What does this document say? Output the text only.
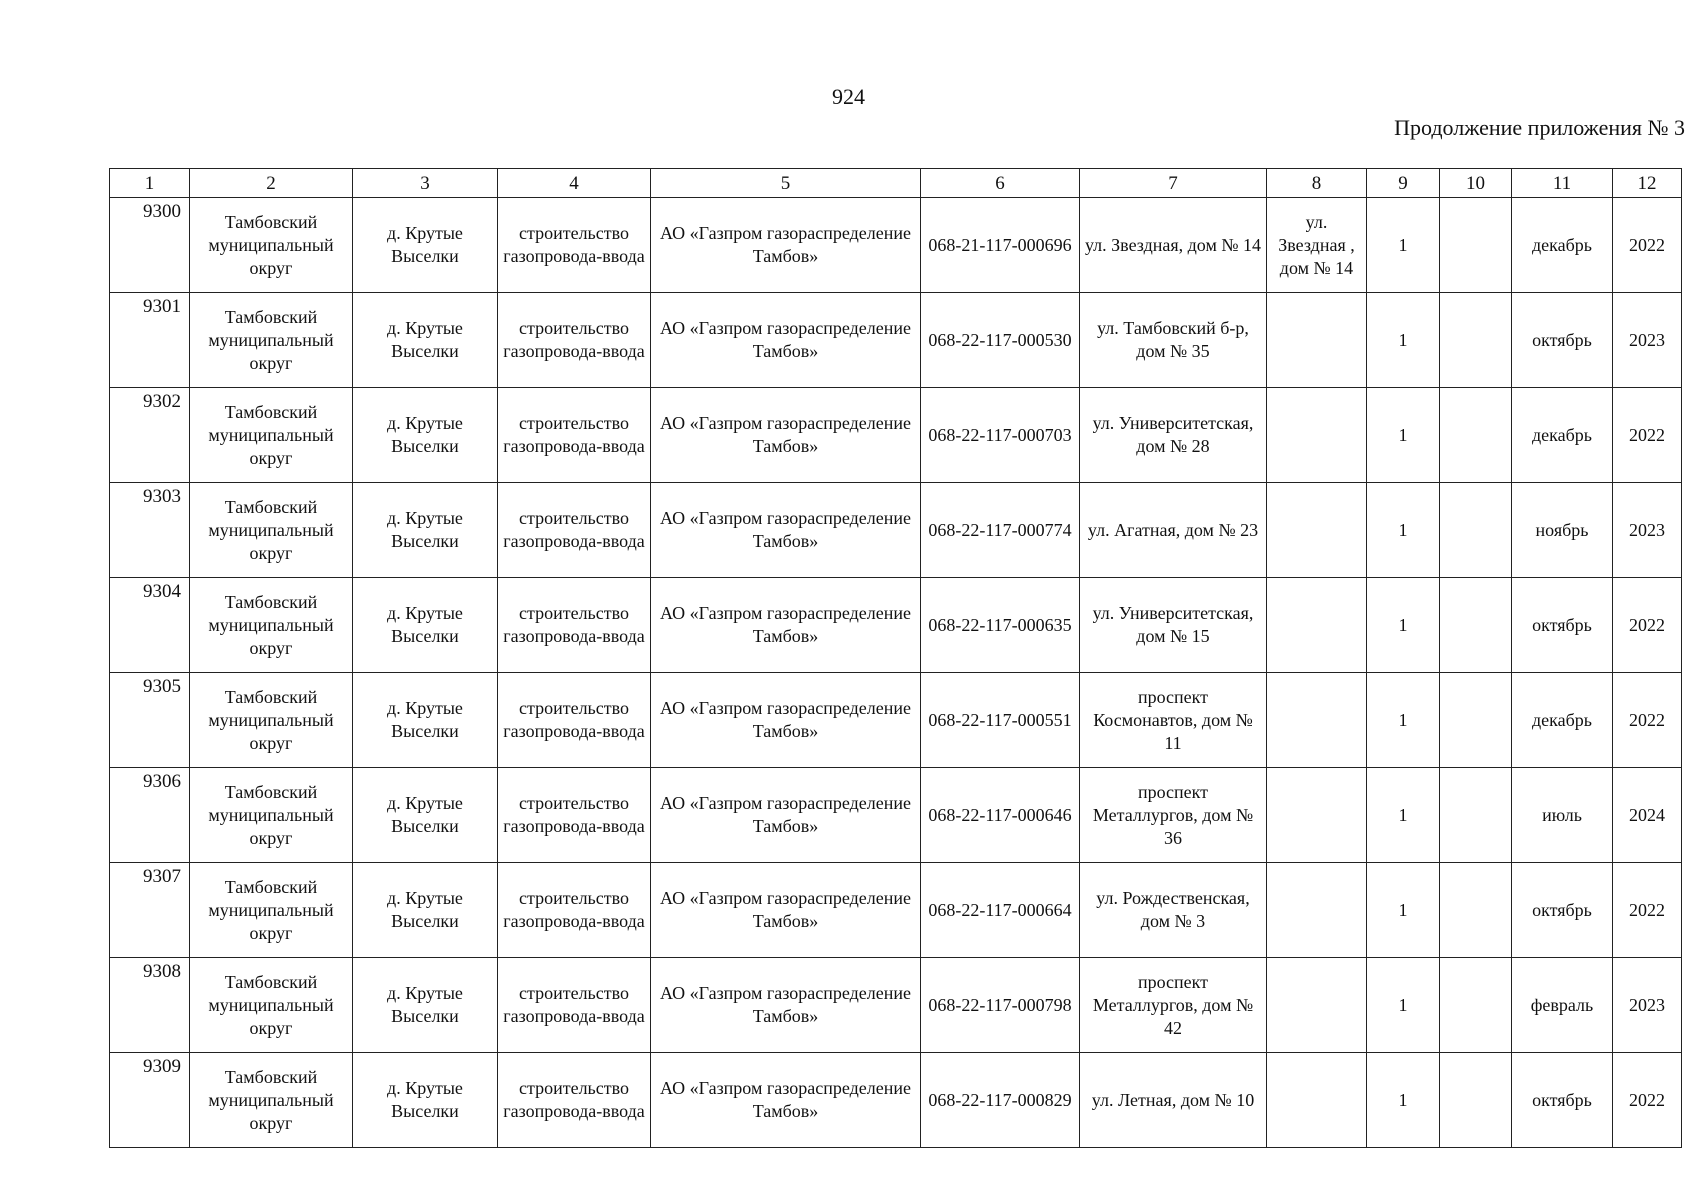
924
Продолжение приложения № 3
1	2	3	4	5	6	7	8	9	10	11	12
9300	Тамбовский муниципальный округ	д. Крутые Выселки	строительство газопровода-ввода	АО «Газпром газораспределение Тамбов»	068-21-117-000696	ул. Звездная, дом № 14	ул. Звездная , дом № 14	1		декабрь	2022
9301	Тамбовский муниципальный округ	д. Крутые Выселки	строительство газопровода-ввода	АО «Газпром газораспределение Тамбов»	068-22-117-000530	ул. Тамбовский б-р, дом № 35		1		октябрь	2023
9302	Тамбовский муниципальный округ	д. Крутые Выселки	строительство газопровода-ввода	АО «Газпром газораспределение Тамбов»	068-22-117-000703	ул. Университетская, дом № 28		1		декабрь	2022
9303	Тамбовский муниципальный округ	д. Крутые Выселки	строительство газопровода-ввода	АО «Газпром газораспределение Тамбов»	068-22-117-000774	ул. Агатная, дом № 23		1		ноябрь	2023
9304	Тамбовский муниципальный округ	д. Крутые Выселки	строительство газопровода-ввода	АО «Газпром газораспределение Тамбов»	068-22-117-000635	ул. Университетская, дом № 15		1		октябрь	2022
9305	Тамбовский муниципальный округ	д. Крутые Выселки	строительство газопровода-ввода	АО «Газпром газораспределение Тамбов»	068-22-117-000551	проспект Космонавтов, дом № 11		1		декабрь	2022
9306	Тамбовский муниципальный округ	д. Крутые Выселки	строительство газопровода-ввода	АО «Газпром газораспределение Тамбов»	068-22-117-000646	проспект Металлургов, дом № 36		1		июль	2024
9307	Тамбовский муниципальный округ	д. Крутые Выселки	строительство газопровода-ввода	АО «Газпром газораспределение Тамбов»	068-22-117-000664	ул. Рождественская, дом № 3		1		октябрь	2022
9308	Тамбовский муниципальный округ	д. Крутые Выселки	строительство газопровода-ввода	АО «Газпром газораспределение Тамбов»	068-22-117-000798	проспект Металлургов, дом № 42		1		февраль	2023
9309	Тамбовский муниципальный округ	д. Крутые Выселки	строительство газопровода-ввода	АО «Газпром газораспределение Тамбов»	068-22-117-000829	ул. Летная, дом № 10		1		октябрь	2022
